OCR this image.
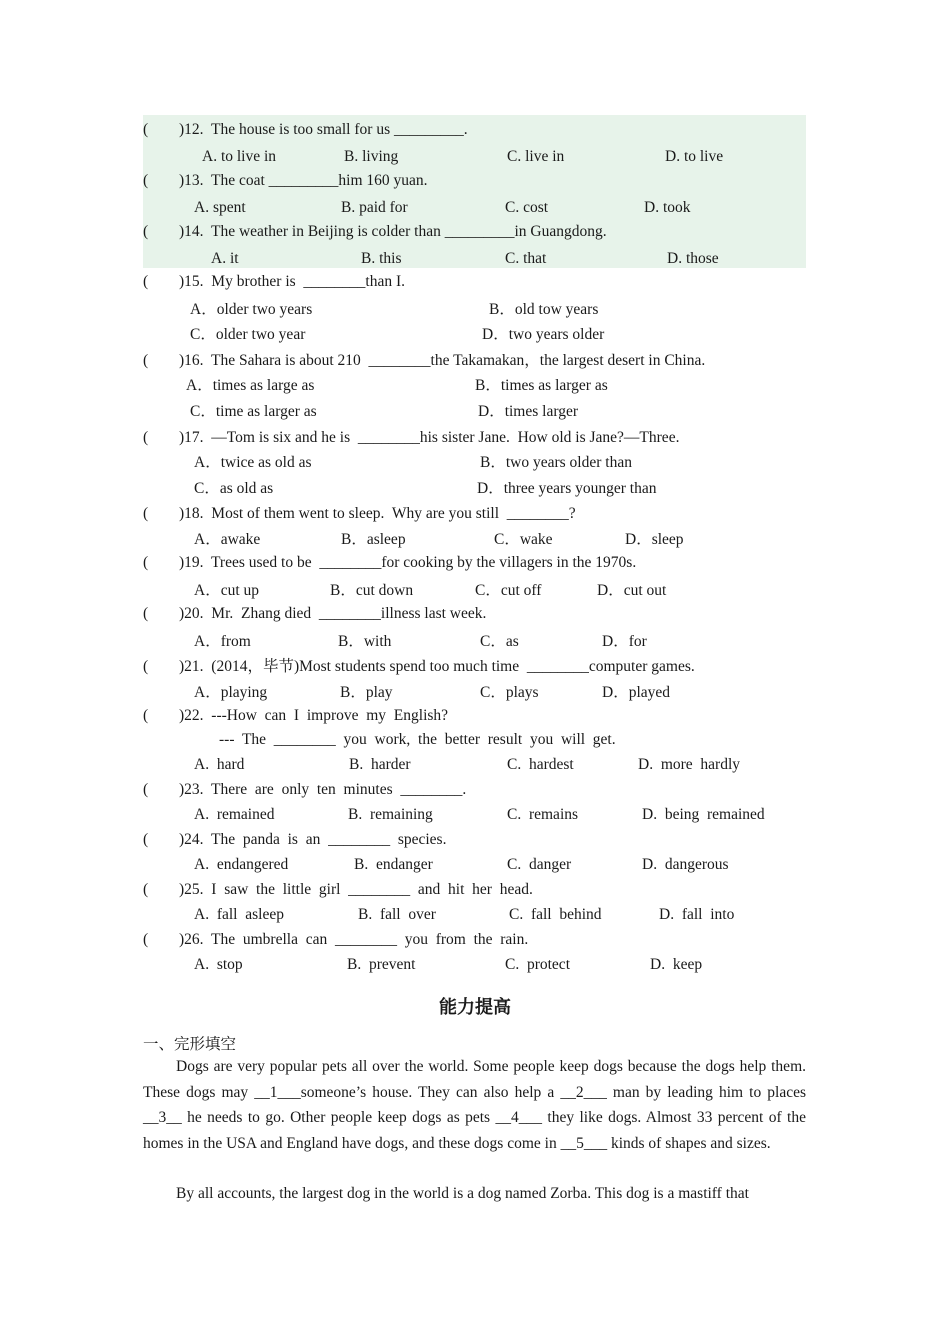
( )12.  The house is too small for us _________.
A. to live in	B. living	C. live in	D. to live
( )13.  The coat _________him 160 yuan.
A. spent	B. paid for	C. cost	D. took
( )14.  The weather in Beijing is colder than _________in Guangdong.
A. it	B. this	C. that	D. those
( )15.  My brother is  ________than I.
A．older two years	B．old tow years
C．older two year	D．two years older
( )16.  The Sahara is about 210  ________the Takamakan，the largest desert in China.
A．times as large as	B．times as larger as
C．time as larger as	D．times larger
( )17.  —Tom is six and he is  ________his sister Jane.  How old is Jane?—Three.
A．twice as old as	B．two years older than
C．as old as	D．three years younger than
( )18.  Most of them went to sleep.  Why are you still  ________?
A．awake	B．asleep	C．wake	D．sleep
( )19.  Trees used to be  ________for cooking by the villagers in the 1970s.
A．cut up	B．cut down	C．cut off	D．cut out
( )20.  Mr.  Zhang died  ________illness last week.
A．from	B．with	C．as	D．for
( )21.  (2014，毕节)Most students spend too much time  ________computer games.
A．playing	B．play	C．plays	D．played
( )22.  ---How  can  I  improve  my  English?
---  The  ________  you  work,  the  better  result  you  will  get.
A.  hard	B.  harder	C.  hardest	D.  more  hardly
( )23.  There  are  only  ten  minutes  ________.
A.  remained	B.  remaining	C.  remains	D.  being  remained
( )24.  The  panda  is  an  ________  species.
A.  endangered	B.  endanger	C.  danger	D.  dangerous
( )25.  I  saw  the  little  girl  ________  and  hit  her  head.
A.  fall  asleep	B.  fall  over	C.  fall  behind	D.  fall  into
( )26.  The  umbrella  can  ________  you  from  the  rain.
A.  stop	B.  prevent	C.  protect	D.  keep
能力提高
一、完形填空
Dogs are very popular pets all over the world. Some people keep dogs because the dogs help them. These dogs may __1___someone’s house. They can also help a __2___ man by leading him to places __3__ he needs to go. Other people keep dogs as pets __4___ they like dogs. Almost 33 percent of the homes in the USA and England have dogs, and these dogs come in __5___ kinds of shapes and sizes.
By all accounts, the largest dog in the world is a dog named Zorba. This dog is a mastiff that
